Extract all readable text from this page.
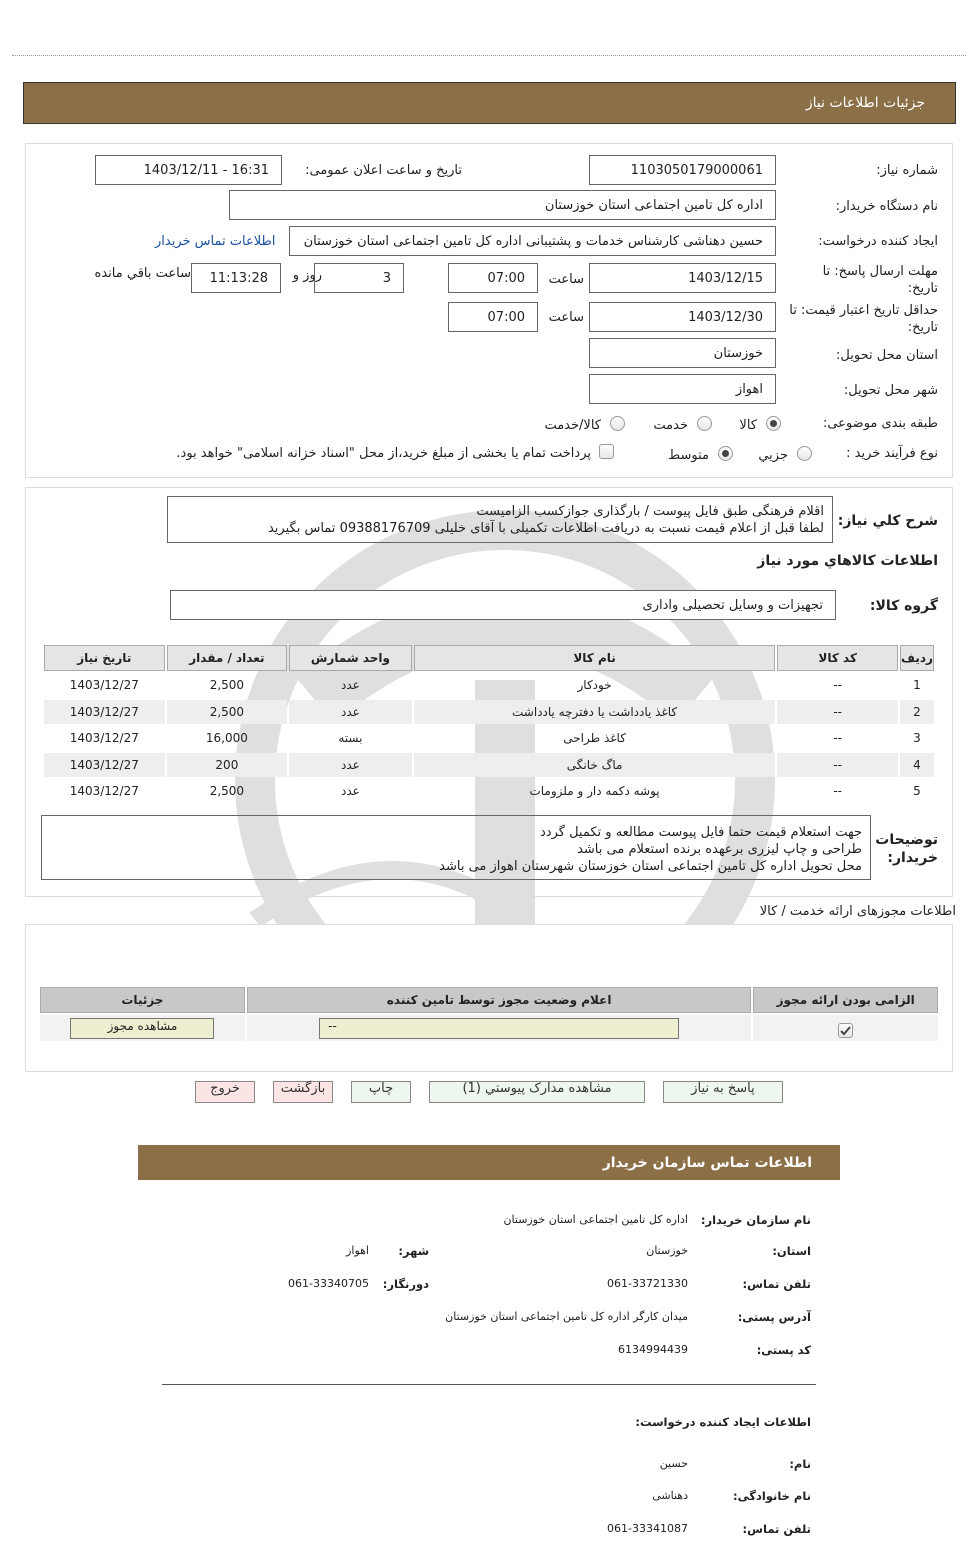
جزئیات اطلاعات نیاز
شماره نیاز:
1103050179000061
تاریخ و ساعت اعلان عمومی:
1403/12/11 - 16:31
نام دستگاه خریدار:
اداره کل تامین اجتماعی استان خوزستان
ایجاد کننده درخواست:
حسین دهناشی کارشناس خدمات و پشتیبانی اداره کل تامین اجتماعی استان خوزستان
اطلاعات تماس خریدار
مهلت ارسال پاسخ: تا تاریخ:
1403/12/15
ساعت
07:00
3
روز و
11:13:28
ساعت باقي مانده
حداقل تاریخ اعتبار قیمت: تا تاریخ:
1403/12/30
ساعت
07:00
استان محل تحویل:
خوزستان
شهر محل تحویل:
اهواز
طبقه بندی موضوعی:
کالا
خدمت
کالا/خدمت
نوع فرآیند خرید :
جزيي
متوسط
پرداخت تمام یا بخشی از مبلغ خرید،از محل "اسناد خزانه اسلامی" خواهد بود.
شرح کلي نياز:
اقلام فرهنگی طبق فایل پیوست / بارگذاری جوازکسب الزامیست
لطفا قبل از اعلام قیمت نسبت به دریافت اطلاعات تکمیلی با آقای خلیلی 09388176709 تماس بگیرید
اطلاعات کالاهاي مورد نياز
گروه کالا:
تجهیزات و وسایل تحصیلی واداری
رديف	کد کالا	نام کالا	واحد شمارش	تعداد / مقدار	تاریخ نیاز
1	--	خودکار	عدد	2,500	1403/12/27
2	--	کاغذ یادداشت یا دفترچه یادداشت	عدد	2,500	1403/12/27
3	--	کاغذ طراحی	بسته	16,000	1403/12/27
4	--	ماگ خانگی	عدد	200	1403/12/27
5	--	پوشه دکمه دار و ملزومات	عدد	2,500	1403/12/27
توضیحات
خریدار:
جهت استعلام قیمت حتما فایل پیوست مطالعه و تکمیل گردد
طراحی و چاپ لیزری برعهده برنده استعلام می باشد
محل تحویل اداره کل تامین اجتماعی استان خوزستان شهرستان اهواز می باشد
اطلاعات مجوزهای ارائه خدمت / کالا
الزامی بودن ارائه مجوز	اعلام وضعیت مجوز توسط تامین کننده	جزئیات

--	مشاهده مجوز
پاسخ به نیاز
مشاهده مدارک پیوستي (1)
چاپ
بازگشت
خروج
اطلاعات تماس سازمان خریدار
نام سازمان خریدار:
اداره کل تامین اجتماعی استان خوزستان
استان:
خوزستان
شهر:
اهواز
تلفن تماس:
061-33721330
دورنگار:
061-33340705
آدرس پستی:
میدان کارگر اداره کل تامین اجتماعی استان خوزستان
کد پستی:
6134994439
اطلاعات ایجاد کننده درخواست:
نام:
حسین
نام خانوادگی:
دهناشی
تلفن تماس:
061-33341087
